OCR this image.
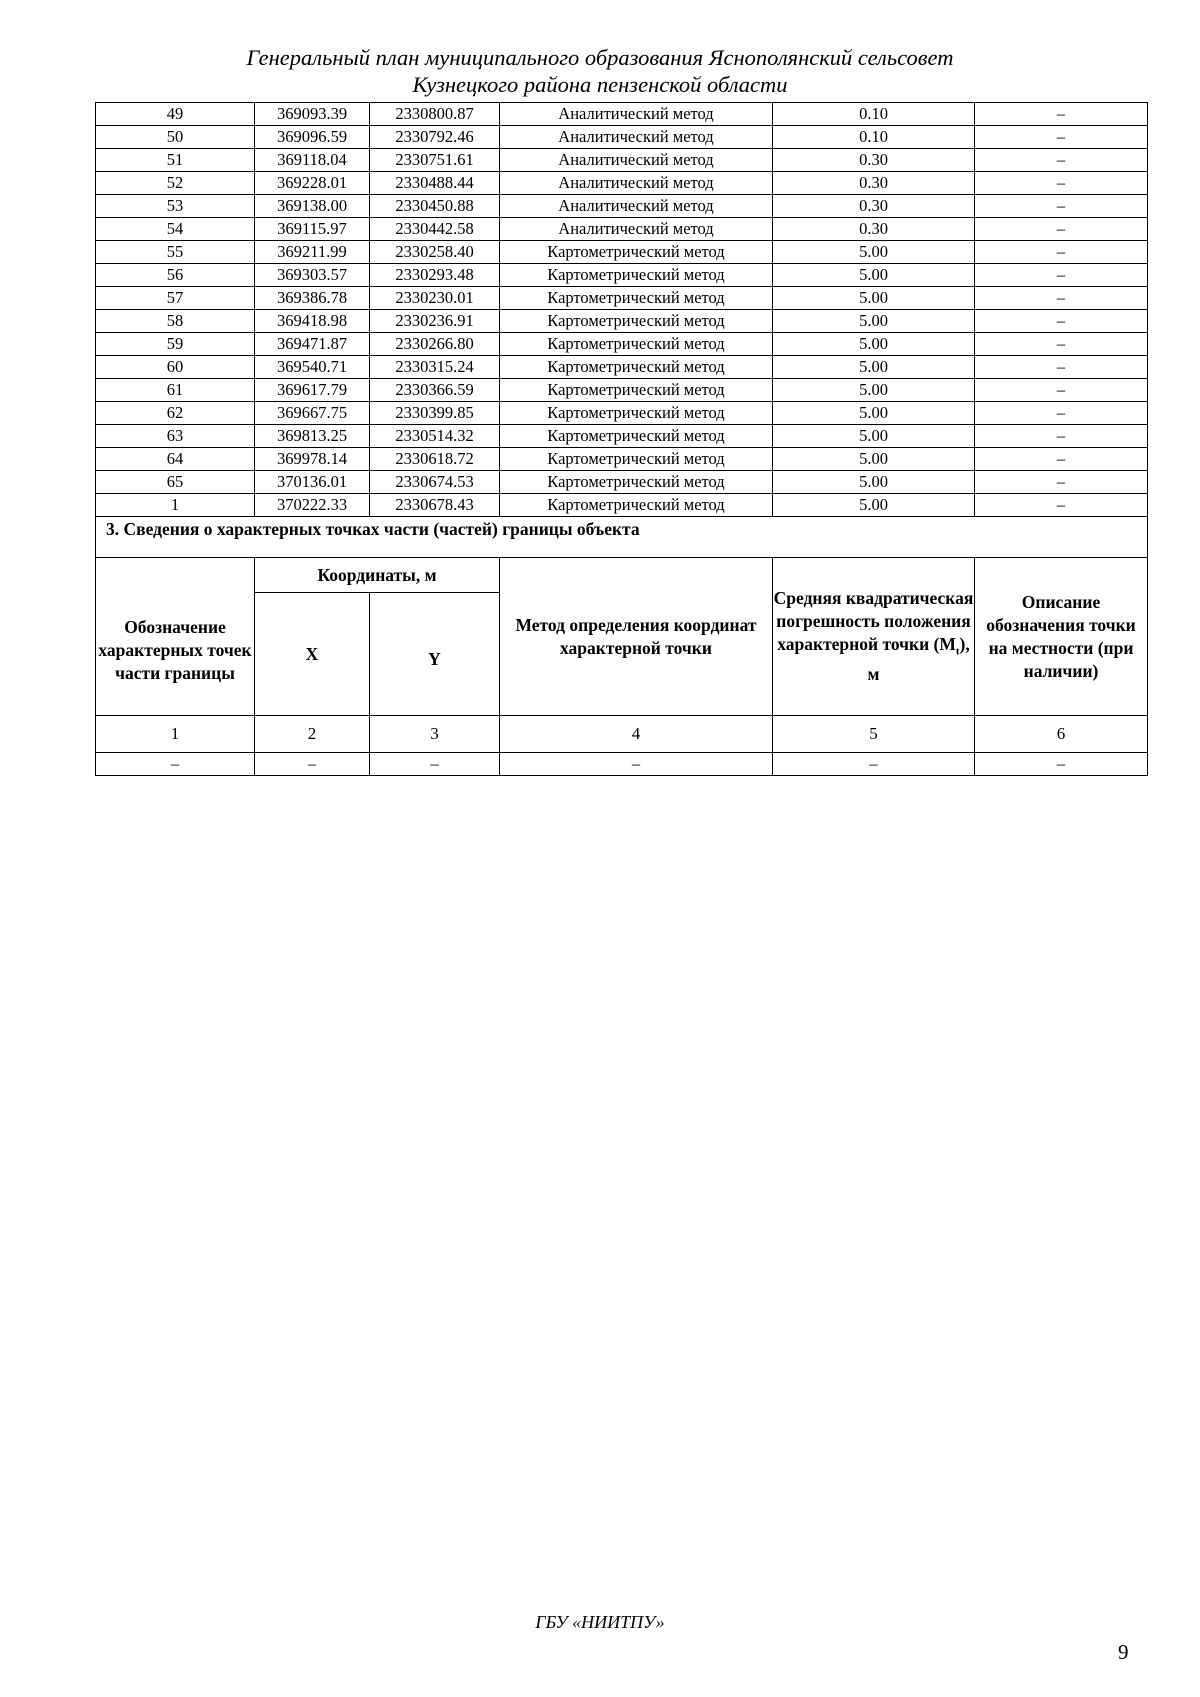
Генеральный план муниципального образования Яснополянский сельсовет
Кузнецкого района пензенской области
49	369093.39	2330800.87	Аналитический метод	0.10	–
50	369096.59	2330792.46	Аналитический метод	0.10	–
51	369118.04	2330751.61	Аналитический метод	0.30	–
52	369228.01	2330488.44	Аналитический метод	0.30	–
53	369138.00	2330450.88	Аналитический метод	0.30	–
54	369115.97	2330442.58	Аналитический метод	0.30	–
55	369211.99	2330258.40	Картометрический метод	5.00	–
56	369303.57	2330293.48	Картометрический метод	5.00	–
57	369386.78	2330230.01	Картометрический метод	5.00	–
58	369418.98	2330236.91	Картометрический метод	5.00	–
59	369471.87	2330266.80	Картометрический метод	5.00	–
60	369540.71	2330315.24	Картометрический метод	5.00	–
61	369617.79	2330366.59	Картометрический метод	5.00	–
62	369667.75	2330399.85	Картометрический метод	5.00	–
63	369813.25	2330514.32	Картометрический метод	5.00	–
64	369978.14	2330618.72	Картометрический метод	5.00	–
65	370136.01	2330674.53	Картометрический метод	5.00	–
1	370222.33	2330678.43	Картометрический метод	5.00	–
3. Сведения о характерных точках части (частей) границы объекта					
Обозначение характерных точек части границы	Координаты, м		Метод определения координат характерной точки	Средняя квадратическая погрешность положения характерной точки $(M_t)$, м	Описание обозначения точки на местности (при наличии)
	X	Y			
1	2	3	4	5	6
–	–	–	–	–	–
ГБУ «НИИТПУ»
9
